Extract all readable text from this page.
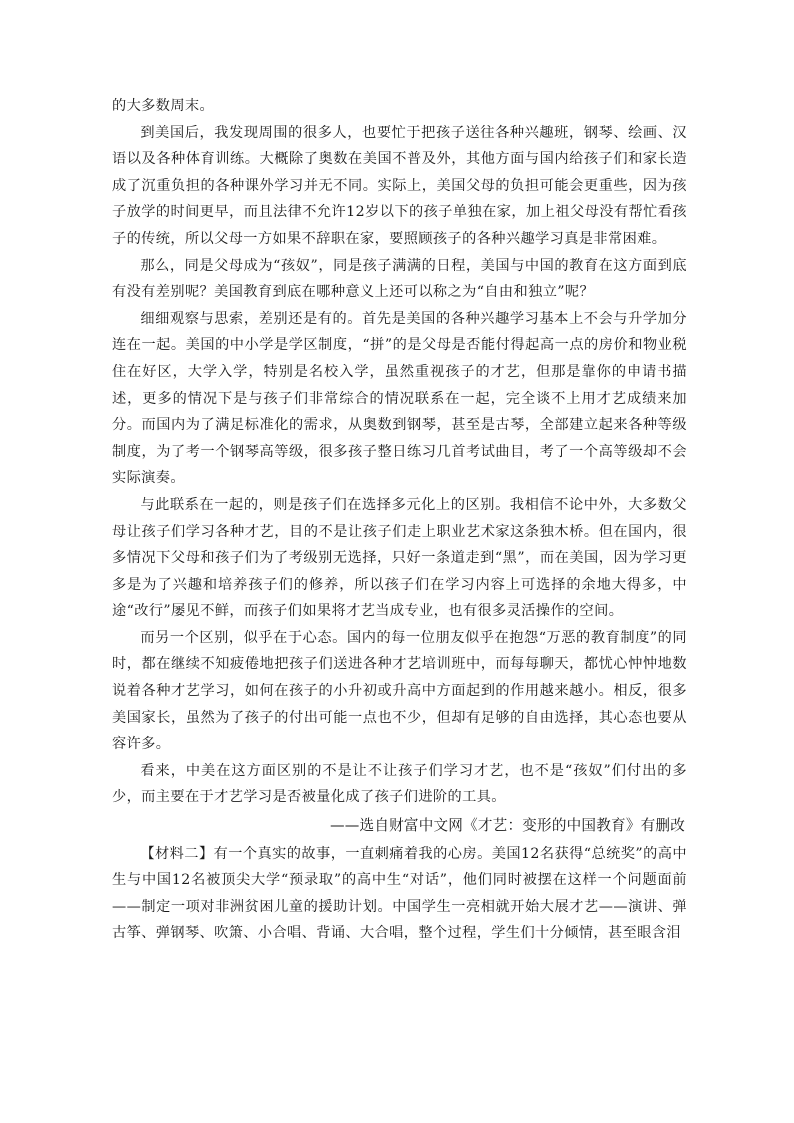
的大多数周末。

到美国后，我发现周围的很多人，也要忙于把孩子送往各种兴趣班，钢琴、绘画、汉语以及各种体育训练。大概除了奥数在美国不普及外，其他方面与国内给孩子们和家长造成了沉重负担的各种课外学习并无不同。实际上，美国父母的负担可能会更重些，因为孩子放学的时间更早，而且法律不允许12岁以下的孩子单独在家，加上祖父母没有帮忙看孩子的传统，所以父母一方如果不辞职在家，要照顾孩子的各种兴趣学习真是非常困难。

那么，同是父母成为“孩奴”，同是孩子满满的日程，美国与中国的教育在这方面到底有没有差别呢？美国教育到底在哪种意义上还可以称之为“自由和独立”呢？

细细观察与思索，差别还是有的。首先是美国的各种兴趣学习基本上不会与升学加分连在一起。美国的中小学是学区制度，“拼”的是父母是否能付得起高一点的房价和物业税住在好区，大学入学，特别是名校入学，虽然重视孩子的才艺，但那是靠你的申请书描述，更多的情况下是与孩子们非常综合的情况联系在一起，完全谈不上用才艺成绩来加分。而国内为了满足标准化的需求，从奥数到钢琴，甚至是古琴，全部建立起来各种等级制度，为了考一个钢琴高等级，很多孩子整日练习几首考试曲目，考了一个高等级却不会实际演奏。

与此联系在一起的，则是孩子们在选择多元化上的区别。我相信不论中外，大多数父母让孩子们学习各种才艺，目的不是让孩子们走上职业艺术家这条独木桥。但在国内，很多情况下父母和孩子们为了考级别无选择，只好一条道走到“黑”，而在美国，因为学习更多是为了兴趣和培养孩子们的修养，所以孩子们在学习内容上可选择的余地大得多，中途“改行”屡见不鲜，而孩子们如果将才艺当成专业，也有很多灵活操作的空间。

而另一个区别，似乎在于心态。国内的每一位朋友似乎在抱怨“万恶的教育制度”的同时，都在继续不知疲倦地把孩子们送进各种才艺培训班中，而每每聊天，都忧心忡忡地数说着各种才艺学习，如何在孩子的小升初或升高中方面起到的作用越来越小。相反，很多美国家长，虽然为了孩子的付出可能一点也不少，但却有足够的自由选择，其心态也要从容许多。

看来，中美在这方面区别的不是让不让孩子们学习才艺，也不是“孩奴”们付出的多少，而主要在于才艺学习是否被量化成了孩子们进阶的工具。

——选自财富中文网《才艺：变形的中国教育》有删改

【材料二】有一个真实的故事，一直刺痛着我的心房。美国12名获得“总统奖”的高中生与中国12名被顶尖大学“预录取”的高中生“对话”，他们同时被摆在这样一个问题面前——制定一项对非洲贫困儿童的援助计划。中国学生一亮相就开始大展才艺——演讲、弹古筝、弹钢琴、吹箫、小合唱、背诵、大合唱，整个过程，学生们十分倾情，甚至眼含泪
